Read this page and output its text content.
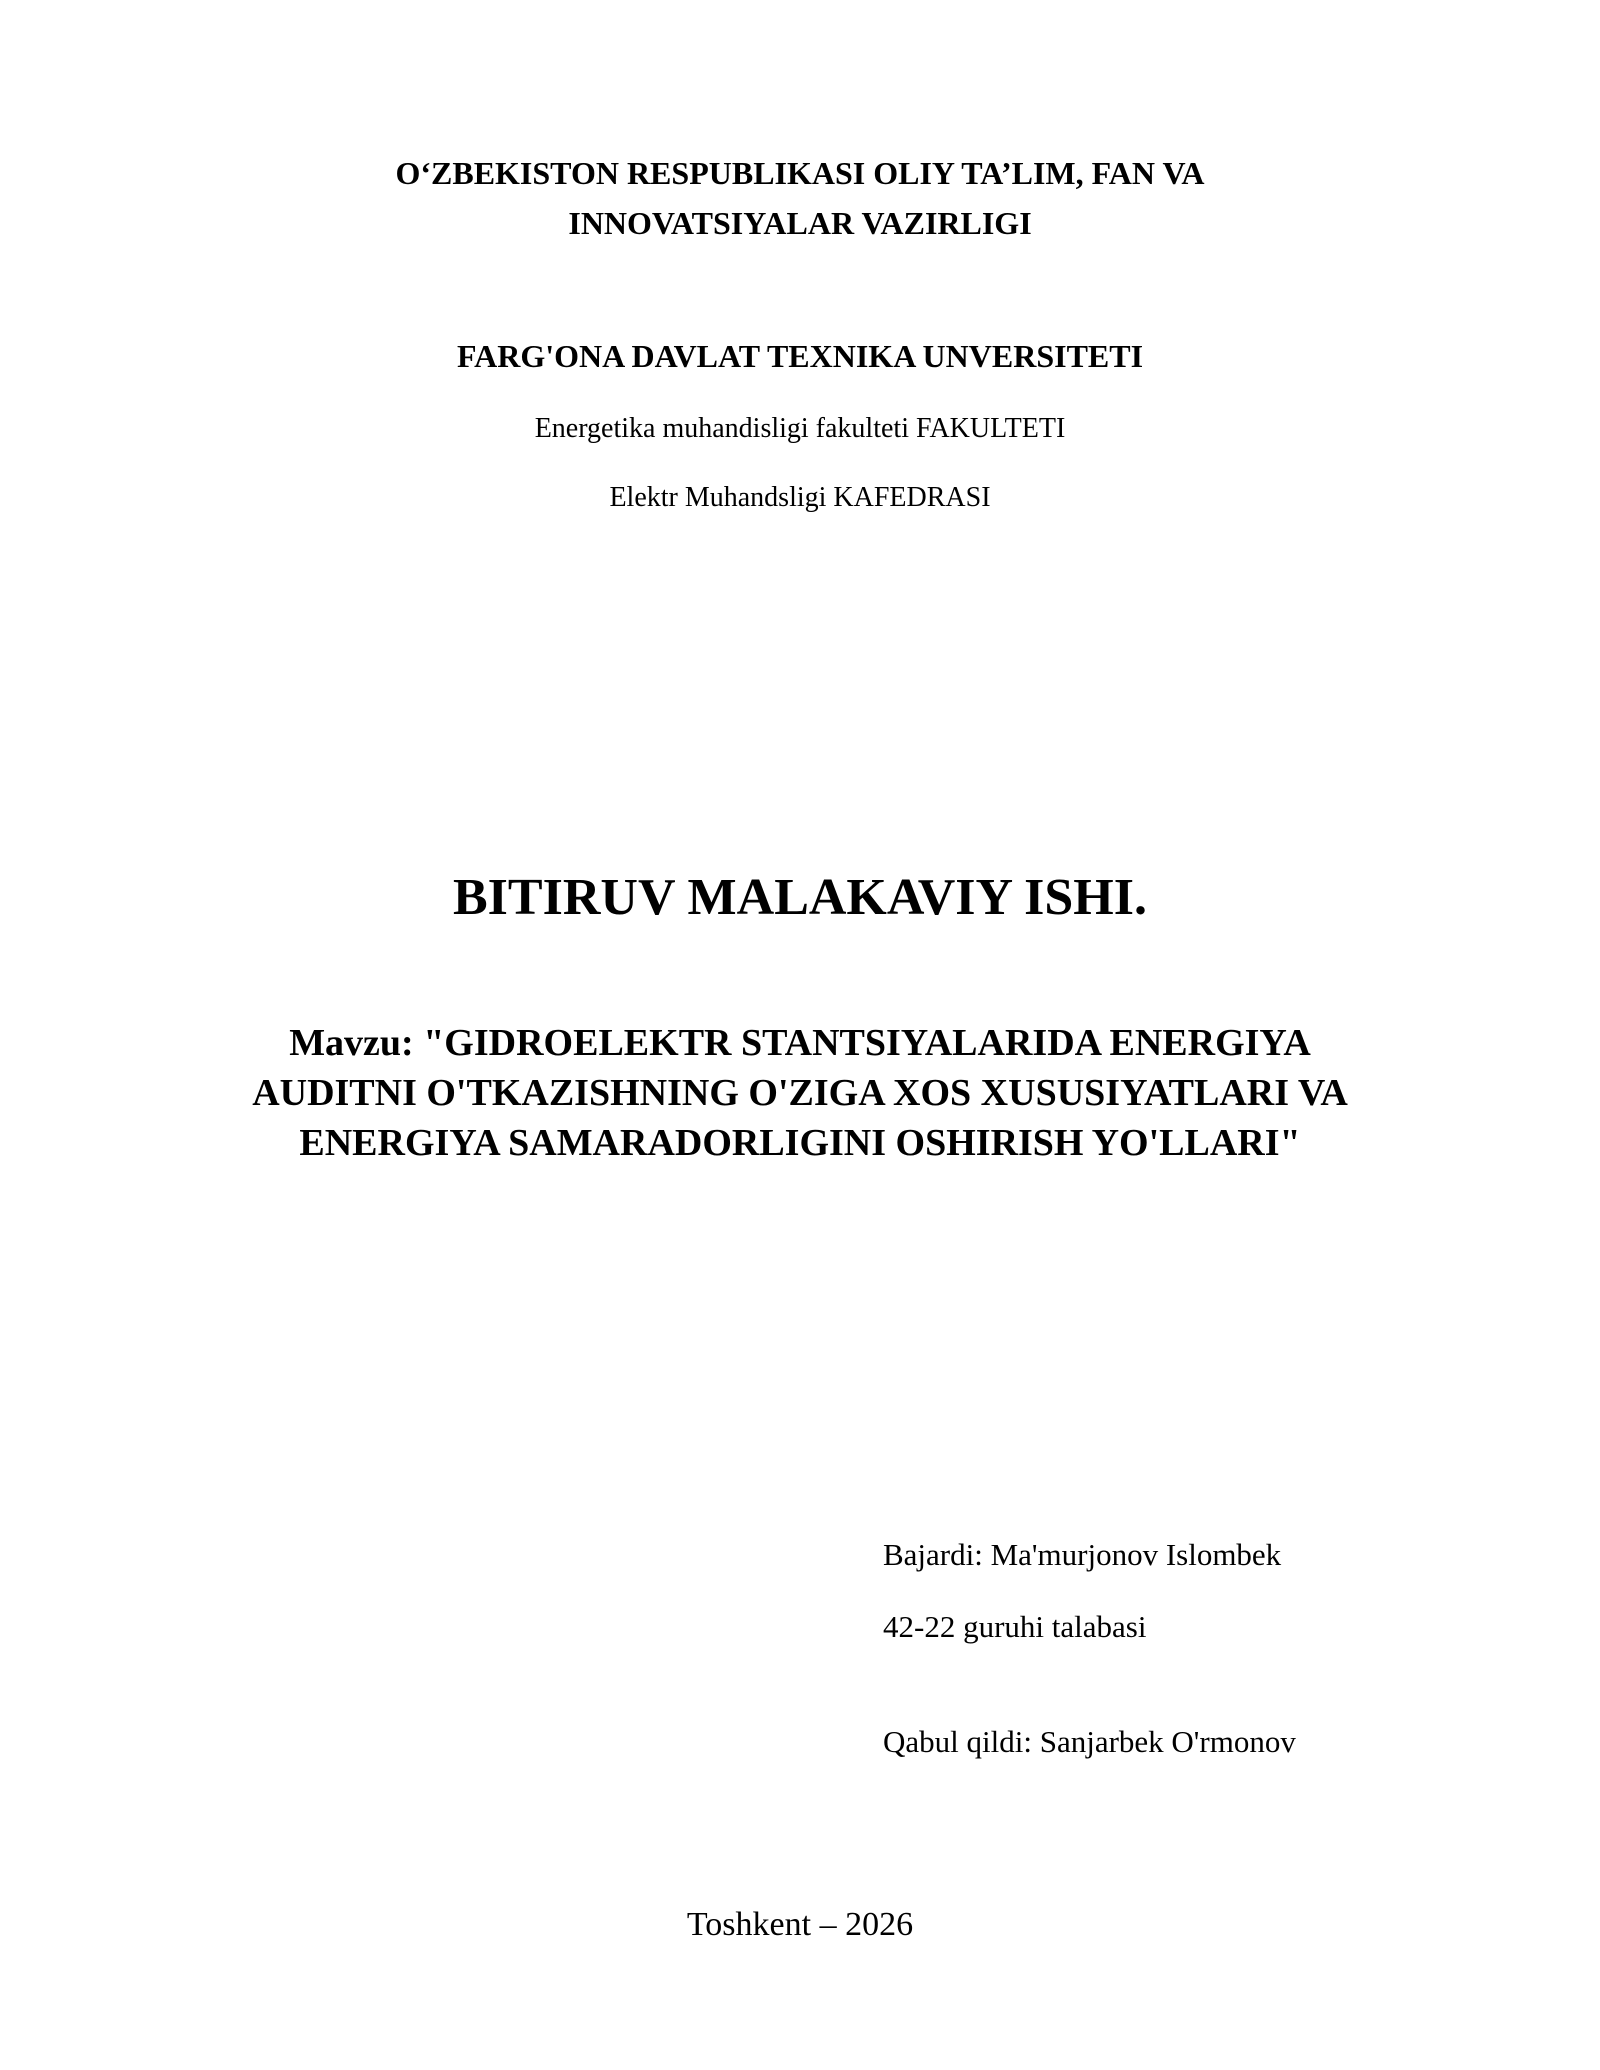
O‘ZBEKISTON RESPUBLIKASI OLIY TA’LIM, FAN VA
INNOVATSIYALAR VAZIRLIGI
FARG'ONA DAVLAT TEXNIKA UNVERSITETI
Energetika muhandisligi fakulteti FAKULTETI
Elektr Muhandsligi KAFEDRASI
BITIRUV MALAKAVIY ISHI.
Mavzu: "GIDROELEKTR STANTSIYALARIDA ENERGIYA
AUDITNI O'TKAZISHNING O'ZIGA XOS XUSUSIYATLARI VA
ENERGIYA SAMARADORLIGINI OSHIRISH YO'LLARI"
Bajardi: Ma'murjonov Islombek
42-22 guruhi talabasi
Qabul qildi: Sanjarbek O'rmonov
Toshkent – 2026
